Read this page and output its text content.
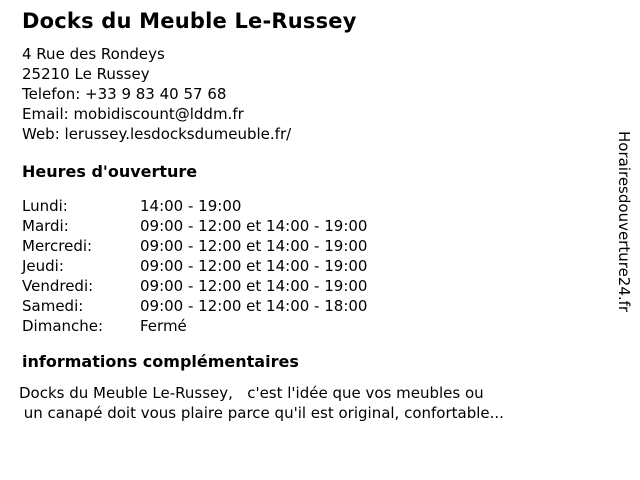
Docks du Meuble Le-Russey
4 Rue des Rondeys
25210 Le Russey
Telefon: +33 9 83 40 57 68
Email: mobidiscount@lddm.fr
Web: lerussey.lesdocksdumeuble.fr/
Heures d'ouverture
Lundi:	14:00 - 19:00
Mardi:	09:00 - 12:00 et 14:00 - 19:00
Mercredi:	09:00 - 12:00 et 14:00 - 19:00
Jeudi:	09:00 - 12:00 et 14:00 - 19:00
Vendredi:	09:00 - 12:00 et 14:00 - 19:00
Samedi:	09:00 - 12:00 et 14:00 - 18:00
Dimanche:	Fermé
informations complémentaires
Docks du Meuble Le-Russey,   c'est l'idée que vos meubles ou
un canapé doit vous plaire parce qu'il est original, confortable...
Horairesdouverture24.fr
